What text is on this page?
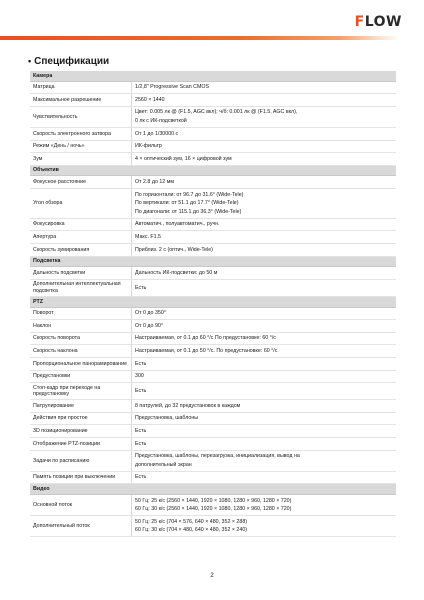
F LOW
• Спецификации
Камера	
Матрица	1/2,8" Progressive Scan CMOS

Максимальное разрешение	2560 × 1440

Чувствительность	Цвет: 0.005 лк @ (F1.5, AGC вкл); ч/б: 0.001 лк @ (F1.5, AGC вкл),
0 лк с ИК-подсветкой

Скорость электронного затвора	От 1 до 1/30000 с

Режим «День / ночь»	ИК-фильтр

Зум	4 × оптический зум, 16 × цифровой зум

Объектив	
Фокусное расстояние	От 2.8 до 12 мм

Угол обзора	По горизонтали: от 96.7 до 31.6° (Wide-Tele)
По вертикали: от 51.1 до 17.7° (Wide-Tele)
По диагонали: от 115.1 до 36.3° (Wide-Tele)

Фокусировка	Автоматич., полуавтоматич., ручн.

Апертура	Макс. F1.5

Скорость зумирования	Приблиз. 2 с (оптич., Wide-Tele)

Подсветка	
Дальность подсветки	Дальность ИК-подсветки: до 50 м

Дополнительная интеллектуальная подсветка	Есть

PTZ	
Поворот	От 0 до 350°

Наклон	От 0 до 90°

Скорость поворота	Настраиваемая, от 0.1 до 60 °/с По предустановке: 60 °/с

Скорость наклона	Настраиваемая, от 0.1 до 50 °/с. По предустановке: 60 °/с

Пропорциональное панорамирование	Есть

Предустановки	300

Стоп-кадр при переходе на предустановку	Есть

Патрулирование	8 патрулей, до 32 предустановок в каждом

Действия при простое	Предустановка, шаблоны

3D позиционирование	Есть

Отображение PTZ-позиции	Есть

Задачи по расписанию	Предустановка, шаблоны, перезагрузка, инициализация, вывод на
дополнительный экран

Память позиции при выключении	Есть

Видео	
Основной поток	50 Гц: 25 к/с (2560 × 1440, 1920 × 1080, 1280 × 960, 1280 × 720)
60 Гц: 30 к/с (2560 × 1440, 1920 × 1080, 1280 × 960, 1280 × 720)

Дополнительный поток	50 Гц: 25 к/с (704 × 576, 640 × 480, 352 × 288)
60 Гц: 30 к/с (704 × 480, 640 × 480, 352 × 240)
2
